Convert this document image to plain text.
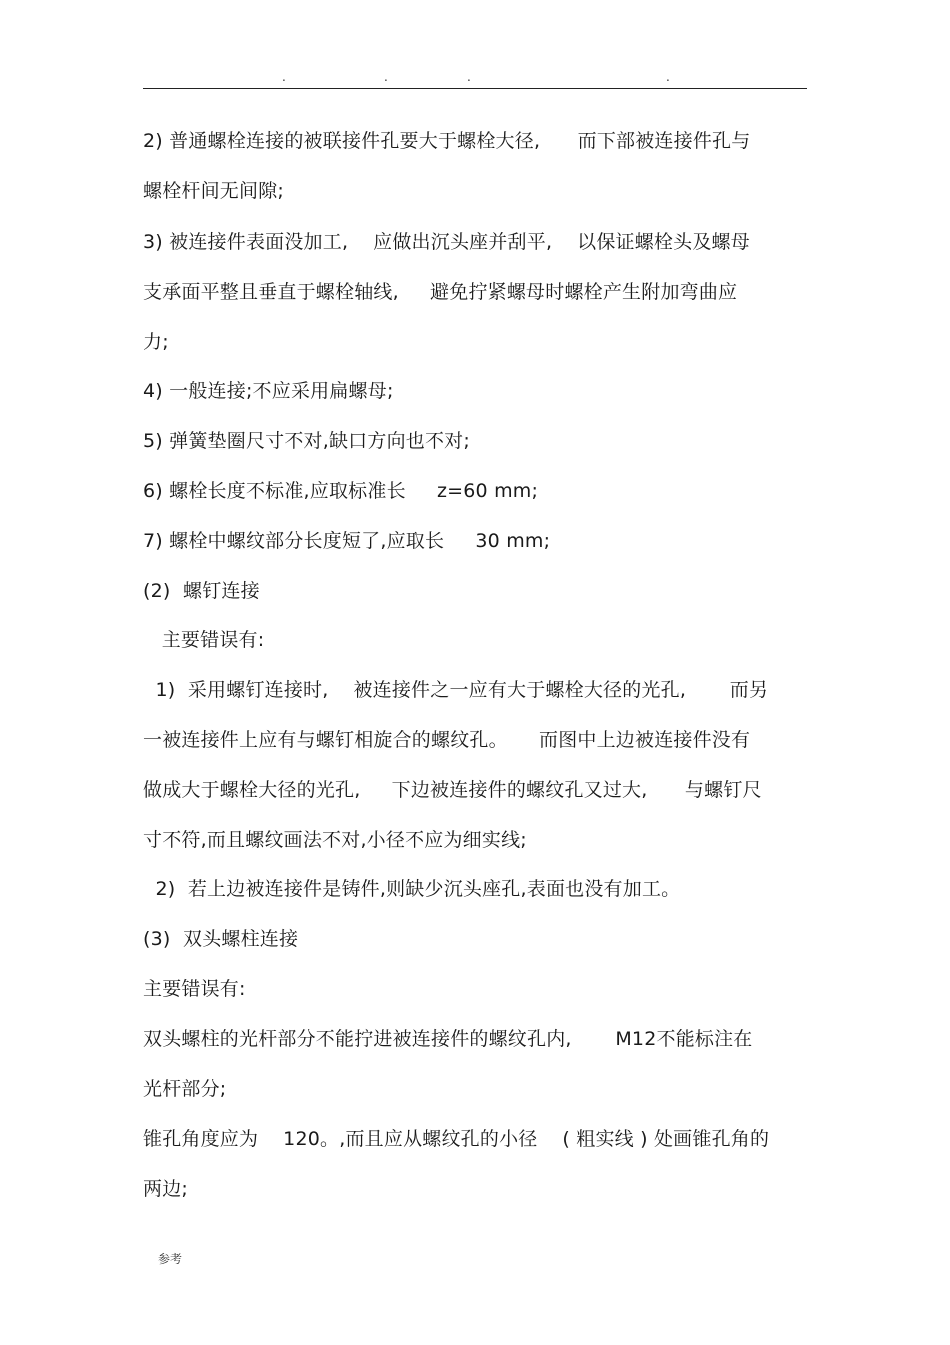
.	.	.	.
2) 普通螺栓连接的被联接件孔要大于螺栓大径,      而下部被连接件孔与
螺栓杆间无间隙;
3) 被连接件表面没加工,    应做出沉头座并刮平,    以保证螺栓头及螺母
支承面平整且垂直于螺栓轴线,     避免拧紧螺母时螺栓产生附加弯曲应
力;
4) 一般连接;不应采用扁螺母;
5) 弹簧垫圈尺寸不对,缺口方向也不对;
6) 螺栓长度不标准,应取标准长     z=60 mm;
7) 螺栓中螺纹部分长度短了,应取长     30 mm;
(2)  螺钉连接
主要错误有:
1)  采用螺钉连接时,    被连接件之一应有大于螺栓大径的光孔,       而另
一被连接件上应有与螺钉相旋合的螺纹孔。     而图中上边被连接件没有
做成大于螺栓大径的光孔,     下边被连接件的螺纹孔又过大,      与螺钉尺
寸不符,而且螺纹画法不对,小径不应为细实线;
2)  若上边被连接件是铸件,则缺少沉头座孔,表面也没有加工。
(3)  双头螺柱连接
主要错误有:
双头螺柱的光杆部分不能拧进被连接件的螺纹孔内,       M12不能标注在
光杆部分;
锥孔角度应为    120。,而且应从螺纹孔的小径    ( 粗实线 ) 处画锥孔角的
两边;
参考
